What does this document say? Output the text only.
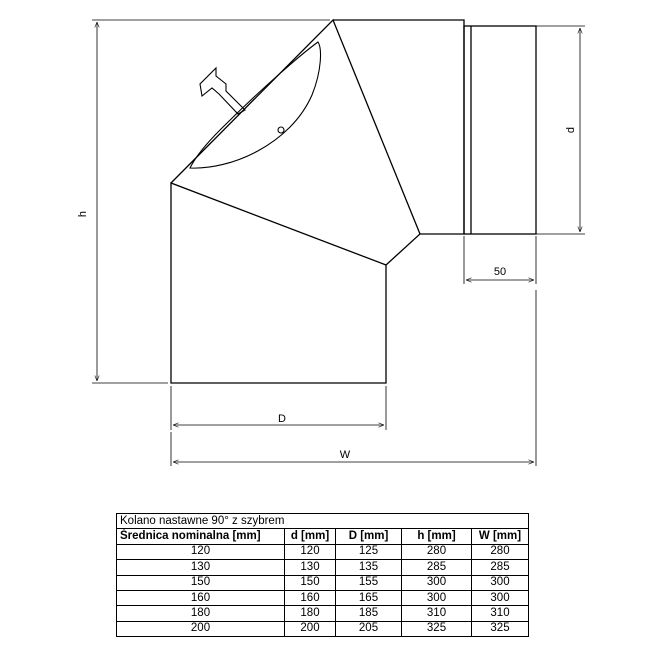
h
d
50
D
W
Kolano nastawne 90° z szybrem				
Średnica nominalna [mm]	d [mm]	D [mm]	h [mm]	W [mm]
120	120	125	280	280
130	130	135	285	285
150	150	155	300	300
160	160	165	300	300
180	180	185	310	310
200	200	205	325	325
